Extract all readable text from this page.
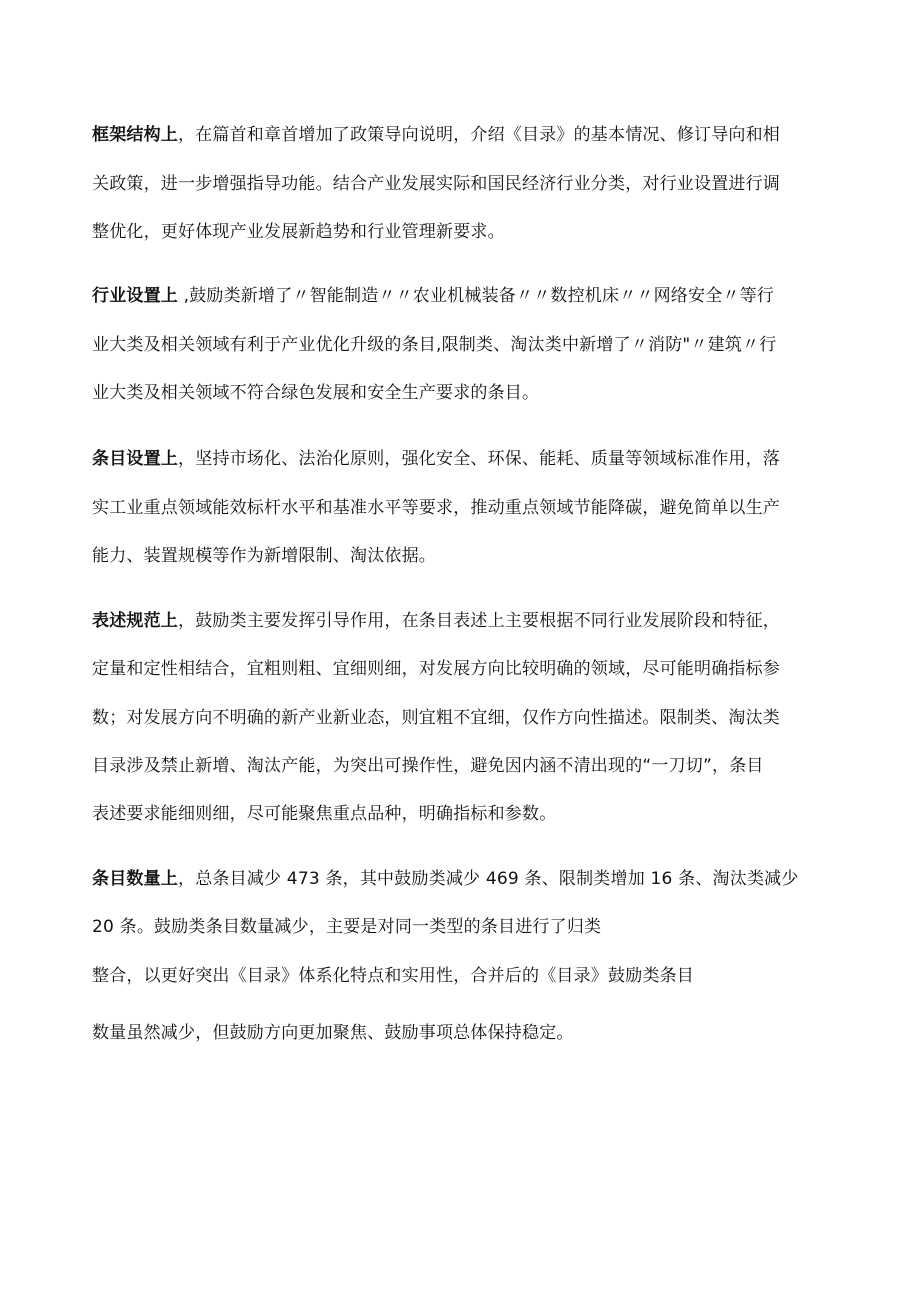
框架结构上，在篇首和章首增加了政策导向说明，介绍《目录》的基本情况、修订导向和相
关政策，进一步增强指导功能。结合产业发展实际和国民经济行业分类，对行业设置进行调
整优化，更好体现产业发展新趋势和行业管理新要求。
行业设置上 ,鼓励类新增了〃智能制造〃〃农业机械装备〃〃数控机床〃〃网络安全〃等行
业大类及相关领域有利于产业优化升级的条目,限制类、淘汰类中新增了〃消防"〃建筑〃行
业大类及相关领域不符合绿色发展和安全生产要求的条目。
条目设置上，坚持市场化、法治化原则，强化安全、环保、能耗、质量等领域标准作用，落
实工业重点领域能效标杆水平和基准水平等要求，推动重点领域节能降碳，避免简单以生产
能力、装置规模等作为新增限制、淘汰依据。
表述规范上，鼓励类主要发挥引导作用，在条目表述上主要根据不同行业发展阶段和特征，
定量和定性相结合，宜粗则粗、宜细则细，对发展方向比较明确的领域，尽可能明确指标参
数；对发展方向不明确的新产业新业态，则宜粗不宜细，仅作方向性描述。限制类、淘汰类
目录涉及禁止新增、淘汰产能，为突出可操作性，避免因内涵不清出现的“一刀切”，条目
表述要求能细则细，尽可能聚焦重点品种，明确指标和参数。
条目数量上，总条目减少 473 条，其中鼓励类减少 469 条、限制类增加 16 条、淘汰类减少
20 条。鼓励类条目数量减少，主要是对同一类型的条目进行了归类
整合，以更好突出《目录》体系化特点和实用性，合并后的《目录》鼓励类条目
数量虽然减少，但鼓励方向更加聚焦、鼓励事项总体保持稳定。
